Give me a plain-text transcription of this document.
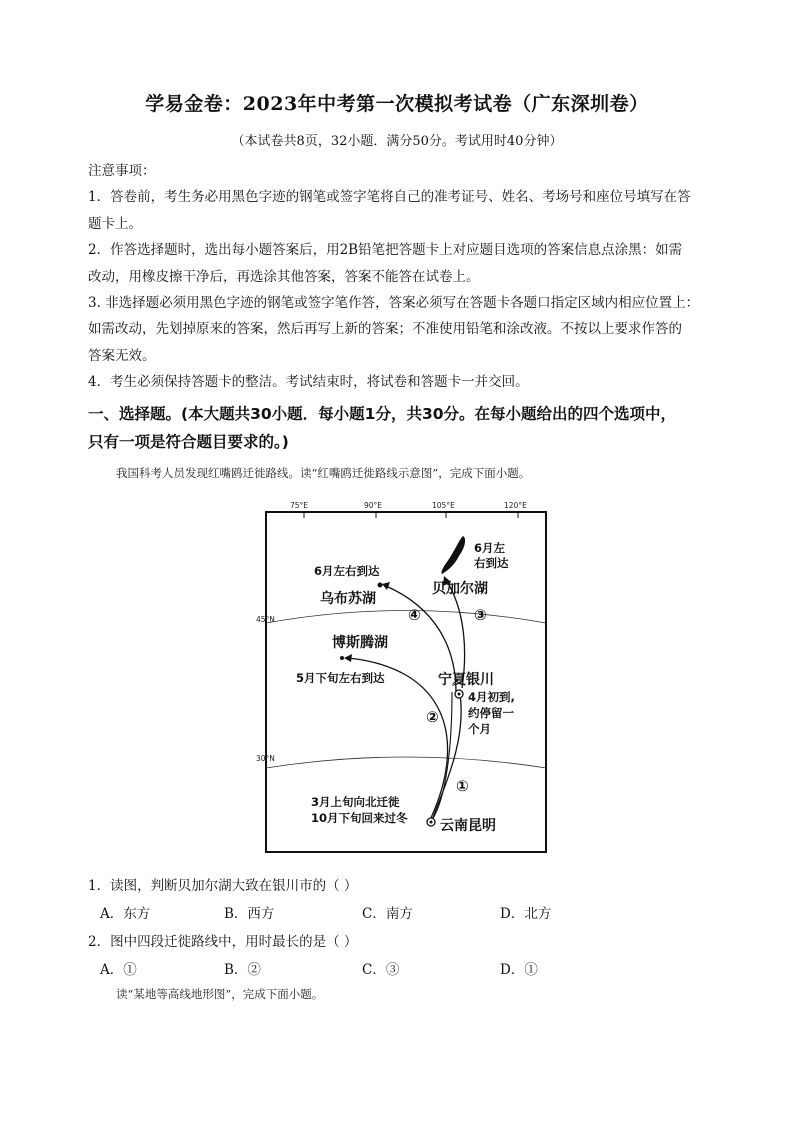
学易金卷：2023年中考第一次模拟考试卷（广东深圳卷）
（本试卷共8页，32小题．满分50分。考试用时40分钟）

注意事项：

1．答卷前，考生务必用黑色字迹的钢笔或签字笔将自己的准考证号、姓名、考场号和座位号填写在答

题卡上。

2．作答选择题时，选出每小题答案后，用2B铅笔把答题卡上对应题目选项的答案信息点涂黑：如需

改动，用橡皮擦干净后，再选涂其他答案，答案不能答在试卷上。

3. 非选择题必须用黑色字迹的钢笔或签字笔作答，答案必须写在答题卡各题口指定区域内相应位置上：

如需改动，先划掉原来的答案，然后再写上新的答案；不准使用铅笔和涂改液。不按以上要求作答的

答案无效。

4．考生必须保持答题卡的整洁。考试结束时，将试卷和答题卡一并交回。

一、选择题。(本大题共30小题．每小题1分，共30分。在每小题给出的四个选项中，
只有一项是符合题目要求的。)
我国科考人员发现红嘴鸥迁徙路线。读“红嘴鸥迁徙路线示意图”，完成下面小题。
75°E	90°E	105°E	120°E
45°N
30°N
④	③
②
①
6月左右到达
乌布苏湖
6月左
右到达
贝加尔湖
博斯腾湖
5月下旬左右到达	宁夏银川
4月初到,
约停留一
个月
3月上旬向北迁徙
10月下旬回来过冬 云南昆明
1．读图，判断贝加尔湖大致在银川市的（ ）
A．东方	B．西方	C．南方	D．北方
2．图中四段迁徙路线中，用时最长的是（ ）
A．①	B．②	C．③	D．①
读“某地等高线地形图”，完成下面小题。
